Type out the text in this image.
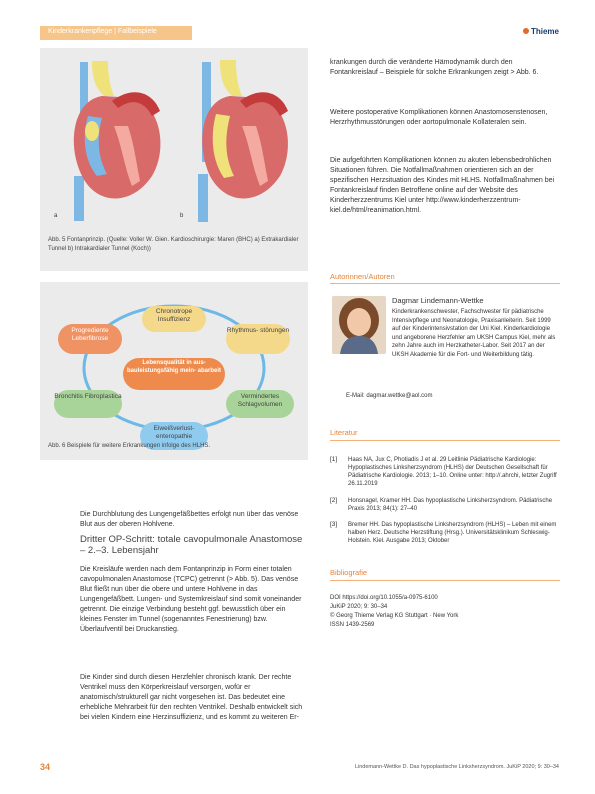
Kinderkrankenpflege | Fallbeispiele	Thieme
a	b
Abb. 5 Fontanprinzip. (Quelle: Voller W. Gien. Kardioschirurgie: Maren (BHC) a) Extrakardialer Tunnel b) Intrakardialer Tunnel (Koch))
Chronotrope Insuffizienz
Progrediente Leberfibrose
Rhythmus- störungen
Lebensqualität in aus- bauleistungsfähig mein- abarbeit
Bronchitis Fibroplastica	Vermindertes Schlagvolumen
Eiweißverlust- enteropathie
Abb. 6 Beispiele für weitere Erkrankungen infolge des HLHS.
Die Durchblutung des Lungengefäßbettes erfolgt nun über das venöse Blut aus der oberen Hohlvene.
Dritter OP-Schritt: totale cavopulmonale Anastomose – 2.–3. Lebensjahr
Die Kreisläufe werden nach dem Fontanprinzip in Form einer totalen cavopulmonalen Anastomose (TCPC) getrennt (> Abb. 5). Das venöse Blut fließt nun über die obere und untere Hohlvene in das Lungengefäßbett. Lungen- und Systemkreislauf sind somit voneinander getrennt. Die einzige Verbindung besteht ggf. bewusstlich über ein kleines Fenster im Tunnel (sogenanntes Fenestrierung) bzw. Überlaufventil bei Druckanstieg.
Die Kinder sind durch diesen Herzfehler chronisch krank. Der rechte Ventrikel muss den Körperkreislauf versorgen, wofür er anatomisch/strukturell gar nicht vorgesehen ist. Das bedeutet eine erhebliche Mehrarbeit für den rechten Ventrikel. Deshalb entwickelt sich bei vielen Kindern eine Herzinsuffizienz, und es kommt zu weiteren Er-
krankungen durch die veränderte Hämodynamik durch den Fontankreislauf – Beispiele für solche Erkrankungen zeigt > Abb. 6.
Weitere postoperative Komplikationen können Anastomosenstenosen, Herzrhythmusstörungen oder aortopulmonale Kollateralen sein.
Die aufgeführten Komplikationen können zu akuten lebensbedrohlichen Situationen führen. Die Notfallmaßnahmen orientieren sich an der spezifischen Herzsituation des Kindes mit HLHS. Notfallmaßnahmen bei Fontankreislauf finden Betroffene online auf der Website des Kinderherzzentrums Kiel unter http://www.kinderherzzentrum-kiel.de/html/reanimation.html.
Autorinnen/Autoren
Dagmar Lindemann-Wettke
Kinderkrankenschwester, Fachschwester für pädiatrische Intensivpflege und Neonatologie, Praxisanleiterin. Seit 1999 auf der Kinderintensivstation der Uni Kiel. Kinderkardiologie und angeborene Herzfehler am UKSH Campus Kiel, mehr als zehn Jahre auch im Herzkatheter-Labor. Seit 2017 an der UKSH Akademie für die Fort- und Weiterbildung tätig.
E-Mail: dagmar.wettke@aol.com
Literatur
[1] Haas NA, Jux C, Photiadis J et al. 29 Leitlinie Pädiatrische Kardiologie: Hypoplastisches Linksherzsyndrom (HLHS) der Deutschen Gesellschaft für Pädiatrische Kardiologie. 2013; 1–10. Online unter: http://.ahrchi, letzter Zugriff 26.11.2019
[2] Honsnagel, Kramer HH. Das hypoplastische Linksherzsyndrom. Pädiatrische Praxis 2013; 84(1): 27–40
[3] Bremer HH. Das hypoplastische Linksherzsyndrom (HLHS) – Leben mit einem halben Herz. Deutsche Herzstiftung (Hrsg.). Universitätsklinikum Schleswig-Holstein. Kiel. Ausgabe 2013; Oktober
Bibliografie
DOI https://doi.org/10.1055/a-0975-6100
JuKiP 2020; 9: 30–34
© Georg Thieme Verlag KG Stuttgart · New York
ISSN 1439-2569
34	Lindemann-Wettke D. Das hypoplastische Linksherzsyndrom. JuKiP 2020; 9: 30–34
